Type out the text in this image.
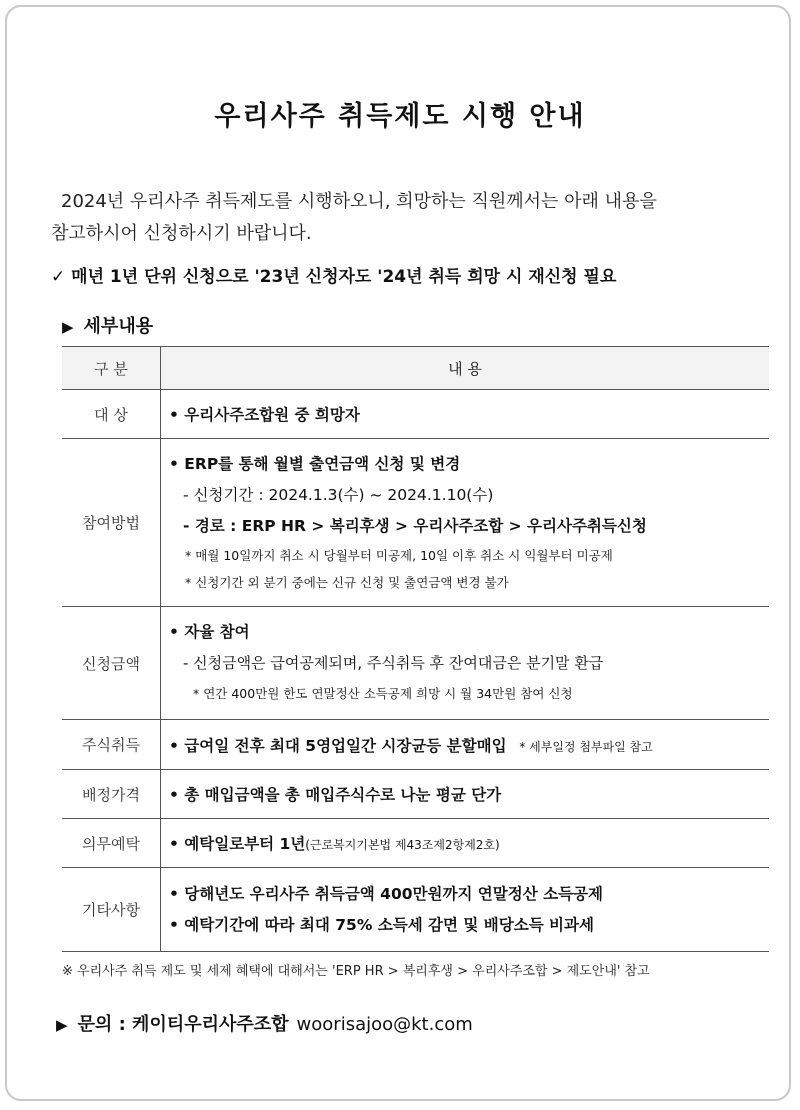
우리사주 취득제도 시행 안내
2024년 우리사주 취득제도를 시행하오니, 희망하는 직원께서는 아래 내용을
참고하시어 신청하시기 바랍니다.
✓ 매년 1년 단위 신청으로 '23년 신청자도 '24년 취득 희망 시 재신청 필요
▶ 세부내용
구 분	내 용
대 상	• 우리사주조합원 중 희망자
참여방법	• ERP를 통해 월별 출연금액 신청 및 변경
- 신청기간 : 2024.1.3(수) ~ 2024.1.10(수)
- 경로 : ERP HR > 복리후생 > 우리사주조합 > 우리사주취득신청
* 매월 10일까지 취소 시 당월부터 미공제, 10일 이후 취소 시 익월부터 미공제
* 신청기간 외 분기 중에는 신규 신청 및 출연금액 변경 불가

신청금액	• 자율 참여
- 신청금액은 급여공제되며, 주식취득 후 잔여대금은 분기말 환급
* 연간 400만원 한도 연말정산 소득공제 희망 시 월 34만원 참여 신청

주식취득	• 급여일 전후 최대 5영업일간 시장균등 분할매입 * 세부일정 첨부파일 참고
배정가격	• 총 매입금액을 총 매입주식수로 나눈 평균 단가
의무예탁	• 예탁일로부터 1년(근로복지기본법 제43조제2항제2호)
기타사항	• 당해년도 우리사주 취득금액 400만원까지 연말정산 소득공제
• 예탁기간에 따라 최대 75% 소득세 감면 및 배당소득 비과세
※ 우리사주 취득 제도 및 세제 혜택에 대해서는 'ERP HR > 복리후생 > 우리사주조합 > 제도안내' 참고
▶ 문의 : 케이티우리사주조합 woorisajoo@kt.com
